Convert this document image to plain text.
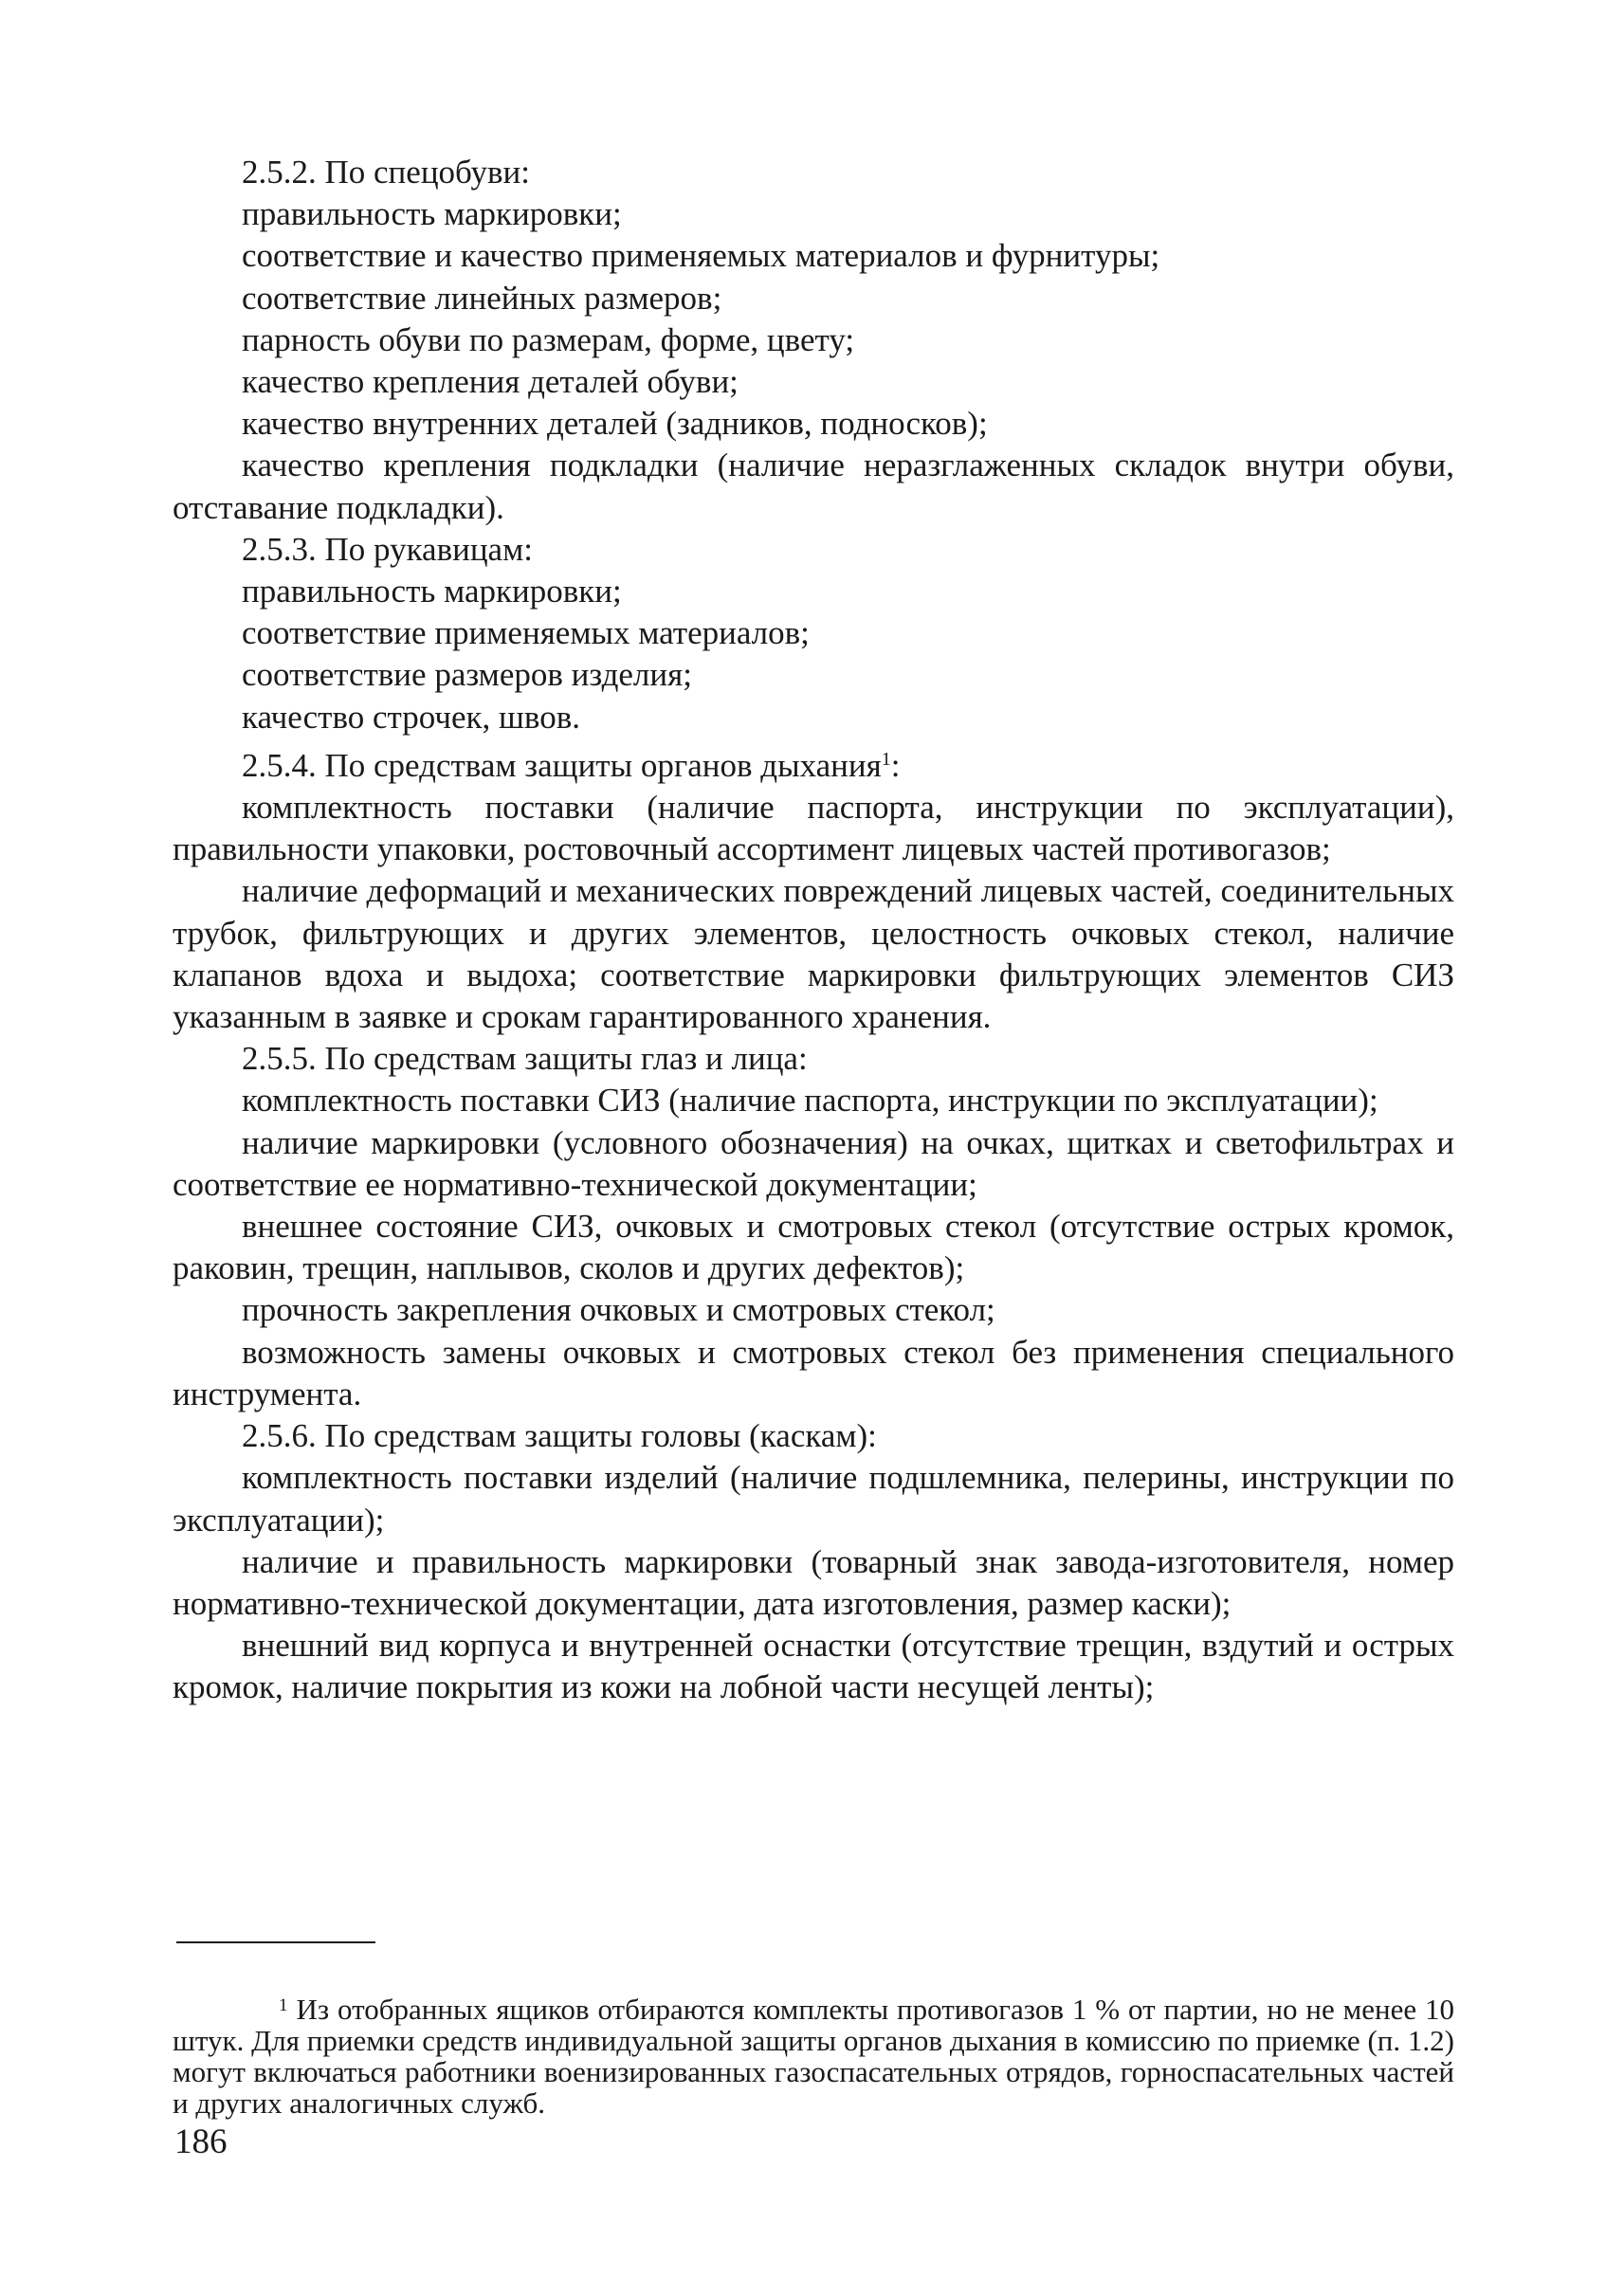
2.5.2. По спецобуви:

правильность маркировки;

соответствие и качество применяемых материалов и фурнитуры;

соответствие линейных размеров;

парность обуви по размерам, форме, цвету;

качество крепления деталей обуви;

качество внутренних деталей (задников, подносков);

качество крепления подкладки (наличие неразглаженных складок внутри обуви, отставание подкладки).

2.5.3. По рукавицам:

правильность маркировки;

соответствие применяемых материалов;

соответствие размеров изделия;

качество строчек, швов.

2.5.4. По средствам защиты органов дыхания$^1$:

комплектность поставки (наличие паспорта, инструкции по эксплуатации), правильности упаковки, ростовочный ассортимент лицевых частей противогазов;

наличие деформаций и механических повреждений лицевых частей, соединительных трубок, фильтрующих и других элементов, целостность очковых стекол, наличие клапанов вдоха и выдоха; соответствие маркировки фильтрующих элементов СИЗ указанным в заявке и срокам гарантированного хранения.

2.5.5. По средствам защиты глаз и лица:

комплектность поставки СИЗ (наличие паспорта, инструкции по эксплуатации);

наличие маркировки (условного обозначения) на очках, щитках и светофильтрах и соответствие ее нормативно-технической документации;

внешнее состояние СИЗ, очковых и смотровых стекол (отсутствие острых кромок, раковин, трещин, наплывов, сколов и других дефектов);

прочность закрепления очковых и смотровых стекол;

возможность замены очковых и смотровых стекол без применения специального инструмента.

2.5.6. По средствам защиты головы (каскам):

комплектность поставки изделий (наличие подшлемника, пелерины, инструкции по эксплуатации);

наличие и правильность маркировки (товарный знак завода-изготовителя, номер нормативно-технической документации, дата изготовления, размер каски);

внешний вид корпуса и внутренней оснастки (отсутствие трещин, вздутий и острых кромок, наличие покрытия из кожи на лобной части несущей ленты);

$^1$ Из отобранных ящиков отбираются комплекты противогазов 1 % от партии, но не менее 10 штук. Для приемки средств индивидуальной защиты органов дыхания в комиссию по приемке (п. 1.2) могут включаться работники военизированных газоспасательных отрядов, горноспасательных частей и других аналогичных служб.

186
